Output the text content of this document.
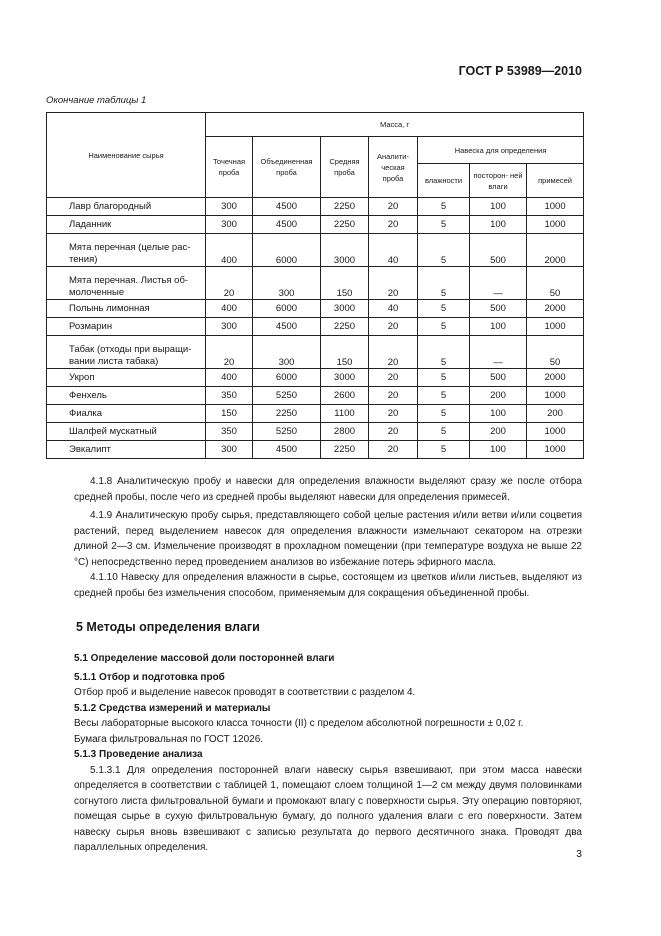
ГОСТ Р 53989—2010
Окончание таблицы 1
Наименование сырья	Масса, г						
	Точечная проба	Объединенная проба	Средняя проба	Аналити- ческая проба	Навеска для определения		
					влажности	посторон- ней влаги	примесей
Лавр благородный	300	4500	2250	20	5	100	1000
Ладанник	300	4500	2250	20	5	100	1000
Мята перечная (целые рас- тения)	400	6000	3000	40	5	500	2000
Мята перечная. Листья об- молоченные	20	300	150	20	5	—	50
Полынь лимонная	400	6000	3000	40	5	500	2000
Розмарин	300	4500	2250	20	5	100	1000
Табак (отходы при выращи- вании листа табака)	20	300	150	20	5	—	50
Укроп	400	6000	3000	20	5	500	2000
Фенхель	350	5250	2600	20	5	200	1000
Фиалка	150	2250	1100	20	5	100	200
Шалфей мускатный	350	5250	2800	20	5	200	1000
Эвкалипт	300	4500	2250	20	5	100	1000

4.1.8 Аналитическую пробу и навески для определения влажности выделяют сразу же после отбора средней пробы, после чего из средней пробы выделяют навески для определения примесей.

4.1.9 Аналитическую пробу сырья, представляющего собой целые растения и/или ветви и/или соцветия растений, перед выделением навесок для определения влажности измельчают секатором на отрезки длиной 2—3 см. Измельчение производят в прохладном помещении (при температуре воздуха не выше 22 °С) непосредственно перед проведением анализов во избежание потерь эфирного масла.

4.1.10 Навеску для определения влажности в сырье, состоящем из цветков и/или листьев, выделяют из средней пробы без измельчения способом, применяемым для сокращения объединенной пробы.

5 Методы определения влаги

5.1 Определение массовой доли посторонней влаги

5.1.1 Отбор и подготовка проб

Отбор проб и выделение навесок проводят в соответствии с разделом 4.

5.1.2 Средства измерений и материалы

Весы лабораторные высокого класса точности (II) с пределом абсолютной погрешности ± 0,02 г.

Бумага фильтровальная по ГОСТ 12026.

5.1.3 Проведение анализа

5.1.3.1 Для определения посторонней влаги навеску сырья взвешивают, при этом масса навески определяется в соответствии с таблицей 1, помещают слоем толщиной 1—2 см между двумя половинками согнутого листа фильтровальной бумаги и промокают влагу с поверхности сырья. Эту операцию повторяют, помещая сырье в сухую фильтровальную бумагу, до полного удаления влаги с его поверхности. Затем навеску сырья вновь взвешивают с записью результата до первого десятичного знака. Проводят два параллельных определения.

3
